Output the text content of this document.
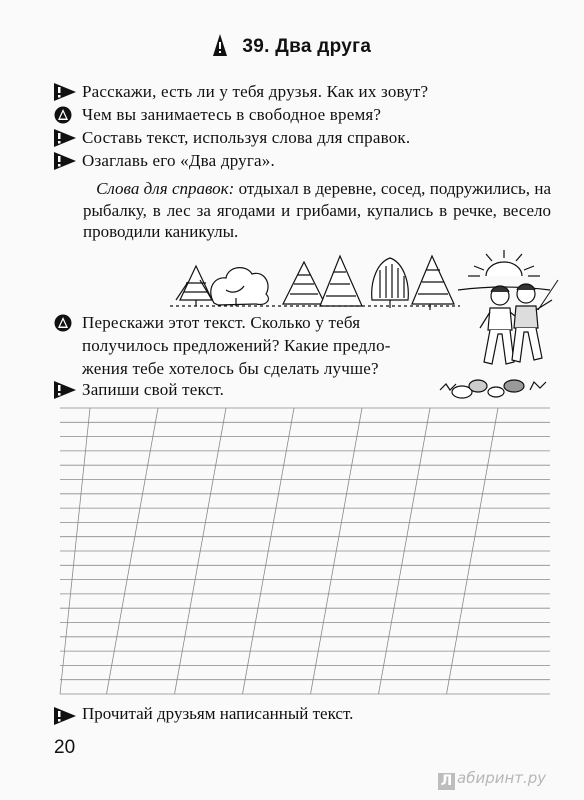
39. Два друга
Расскажи, есть ли у тебя друзья. Как их зовут?
Чем вы занимаетесь в свободное время?
Составь текст, используя слова для справок.
Озаглавь его «Два друга».
Слова для справок: отдыхал в деревне, сосед, подружились, на рыбалку, в лес за ягодами и грибами, купались в речке, весело проводили каникулы.
Перескажи этот текст. Сколько у тебя
получилось предложений? Какие предло-
жения тебе хотелось бы сделать лучше?
Запиши свой текст.
Прочитай друзьям написанный текст.
20
Л абиринт.ру
